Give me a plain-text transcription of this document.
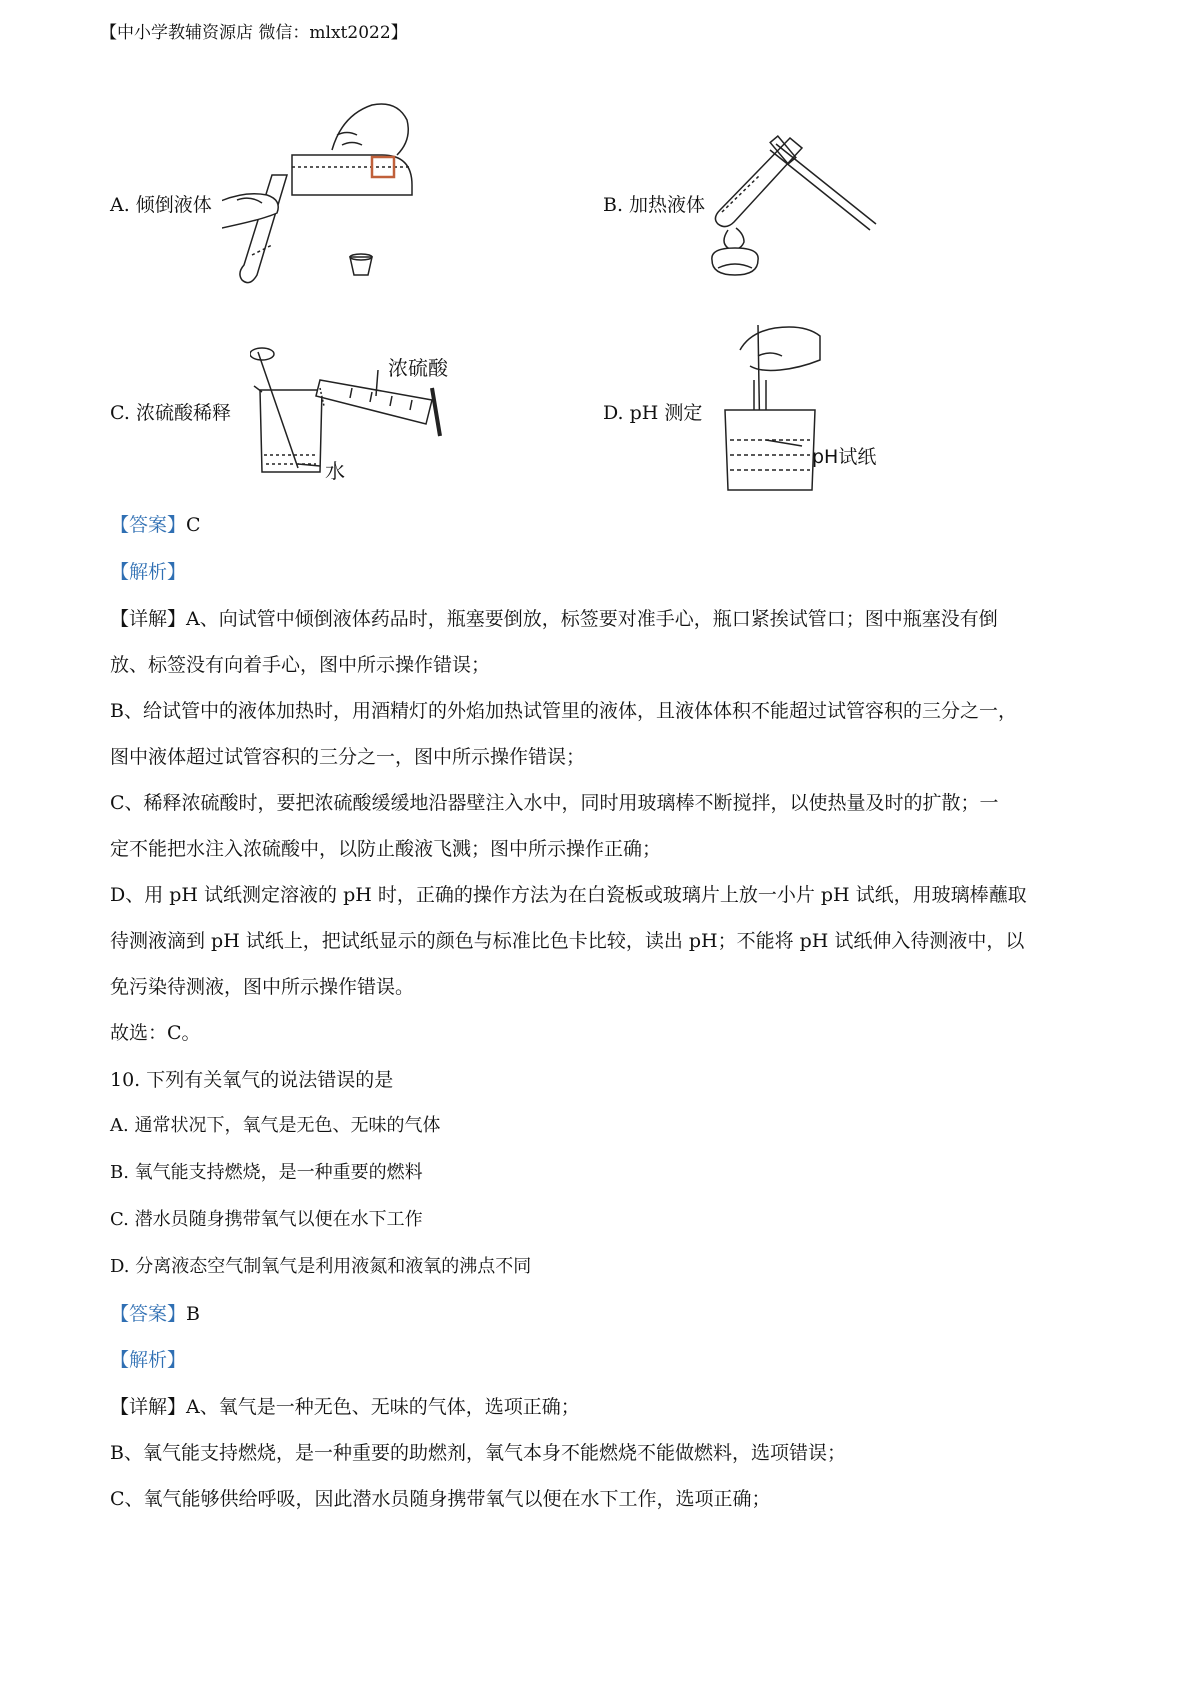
【中小学教辅资源店 微信：mlxt2022】
A. 倾倒液体	B. 加热液体
C. 浓硫酸稀释
浓硫酸
水
D. pH 测定
pH试纸
【答案】C
【解析】
【详解】A、向试管中倾倒液体药品时，瓶塞要倒放，标签要对准手心，瓶口紧挨试管口；图中瓶塞没有倒
放、标签没有向着手心，图中所示操作错误；
B、给试管中的液体加热时，用酒精灯的外焰加热试管里的液体，且液体体积不能超过试管容积的三分之一，
图中液体超过试管容积的三分之一，图中所示操作错误；
C、稀释浓硫酸时，要把浓硫酸缓缓地沿器壁注入水中，同时用玻璃棒不断搅拌，以使热量及时的扩散；一
定不能把水注入浓硫酸中，以防止酸液飞溅；图中所示操作正确；
D、用 pH 试纸测定溶液的 pH 时，正确的操作方法为在白瓷板或玻璃片上放一小片 pH 试纸，用玻璃棒蘸取
待测液滴到 pH 试纸上，把试纸显示的颜色与标准比色卡比较，读出 pH；不能将 pH 试纸伸入待测液中，以
免污染待测液，图中所示操作错误。
故选：C。
10. 下列有关氧气的说法错误的是
A. 通常状况下，氧气是无色、无味的气体
B. 氧气能支持燃烧，是一种重要的燃料
C. 潜水员随身携带氧气以便在水下工作
D. 分离液态空气制氧气是利用液氮和液氧的沸点不同
【答案】B
【解析】
【详解】A、氧气是一种无色、无味的气体，选项正确；
B、氧气能支持燃烧，是一种重要的助燃剂，氧气本身不能燃烧不能做燃料，选项错误；
C、氧气能够供给呼吸，因此潜水员随身携带氧气以便在水下工作，选项正确；
